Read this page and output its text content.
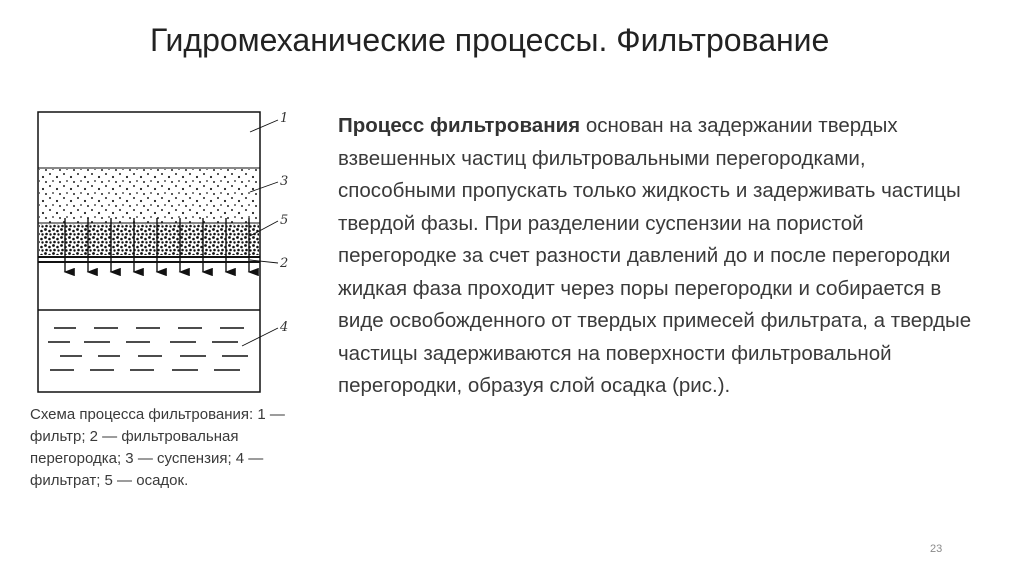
Гидромеханические процессы. Фильтрование
1
3
5
2
4
Схема процесса фильтрования: 1 — фильтр; 2 — фильтровальная перегородка; 3 — суспензия; 4 — фильтрат; 5 — осадок.
Процесс фильтрования основан на задержании твердых взвешенных частиц фильтровальными перегородками, способными пропускать только жидкость и задерживать частицы твердой фазы. При разделении суспензии на пористой перегородке за счет разности давлений до и после перегородки жидкая фаза проходит через поры перегородки и собирается в виде освобожденного от твердых примесей фильтрата, а твердые частицы задерживаются на поверхности фильтровальной перегородки, образуя слой осадка (рис.).
23
